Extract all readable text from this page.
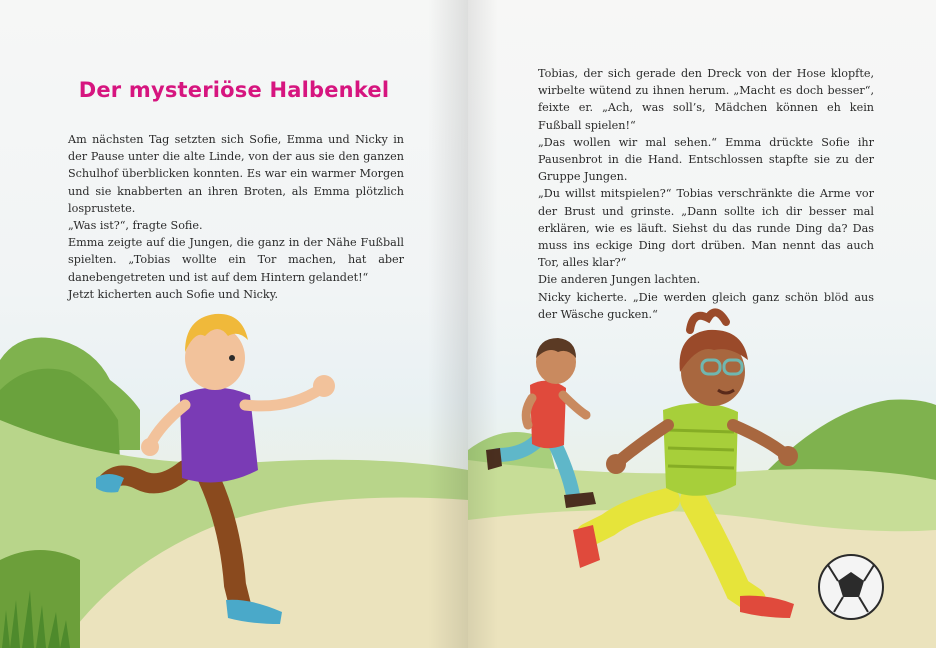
Der mysteriöse Halbenkel

Am nächsten Tag setzten sich Sofie, Emma und Nicky in der Pause unter die alte Linde, von der aus sie den ganzen Schulhof überblicken konnten. Es war ein warmer Morgen und sie knabberten an ihren Broten, als Emma plötzlich losprustete.

„Was ist?“, fragte Sofie.

Emma zeigte auf die Jungen, die ganz in der Nähe Fußball spielten. „Tobias wollte ein Tor machen, hat aber danebengetreten und ist auf dem Hintern gelandet!“

Jetzt kicherten auch Sofie und Nicky.

Tobias, der sich gerade den Dreck von der Hose klopfte, wirbelte wütend zu ihnen herum. „Macht es doch besser“, feixte er. „Ach, was soll’s, Mädchen können eh kein Fußball spielen!“

„Das wollen wir mal sehen.“ Emma drückte Sofie ihr Pausenbrot in die Hand. Entschlossen stapfte sie zu der Gruppe Jungen.

„Du willst mitspielen?“ Tobias verschränkte die Arme vor der Brust und grinste. „Dann sollte ich dir besser mal erklären, wie es läuft. Siehst du das runde Ding da? Das muss ins eckige Ding dort drüben. Man nennt das auch Tor, alles klar?“

Die anderen Jungen lachten.

Nicky kicherte. „Die werden gleich ganz schön blöd aus der Wäsche gucken.“
